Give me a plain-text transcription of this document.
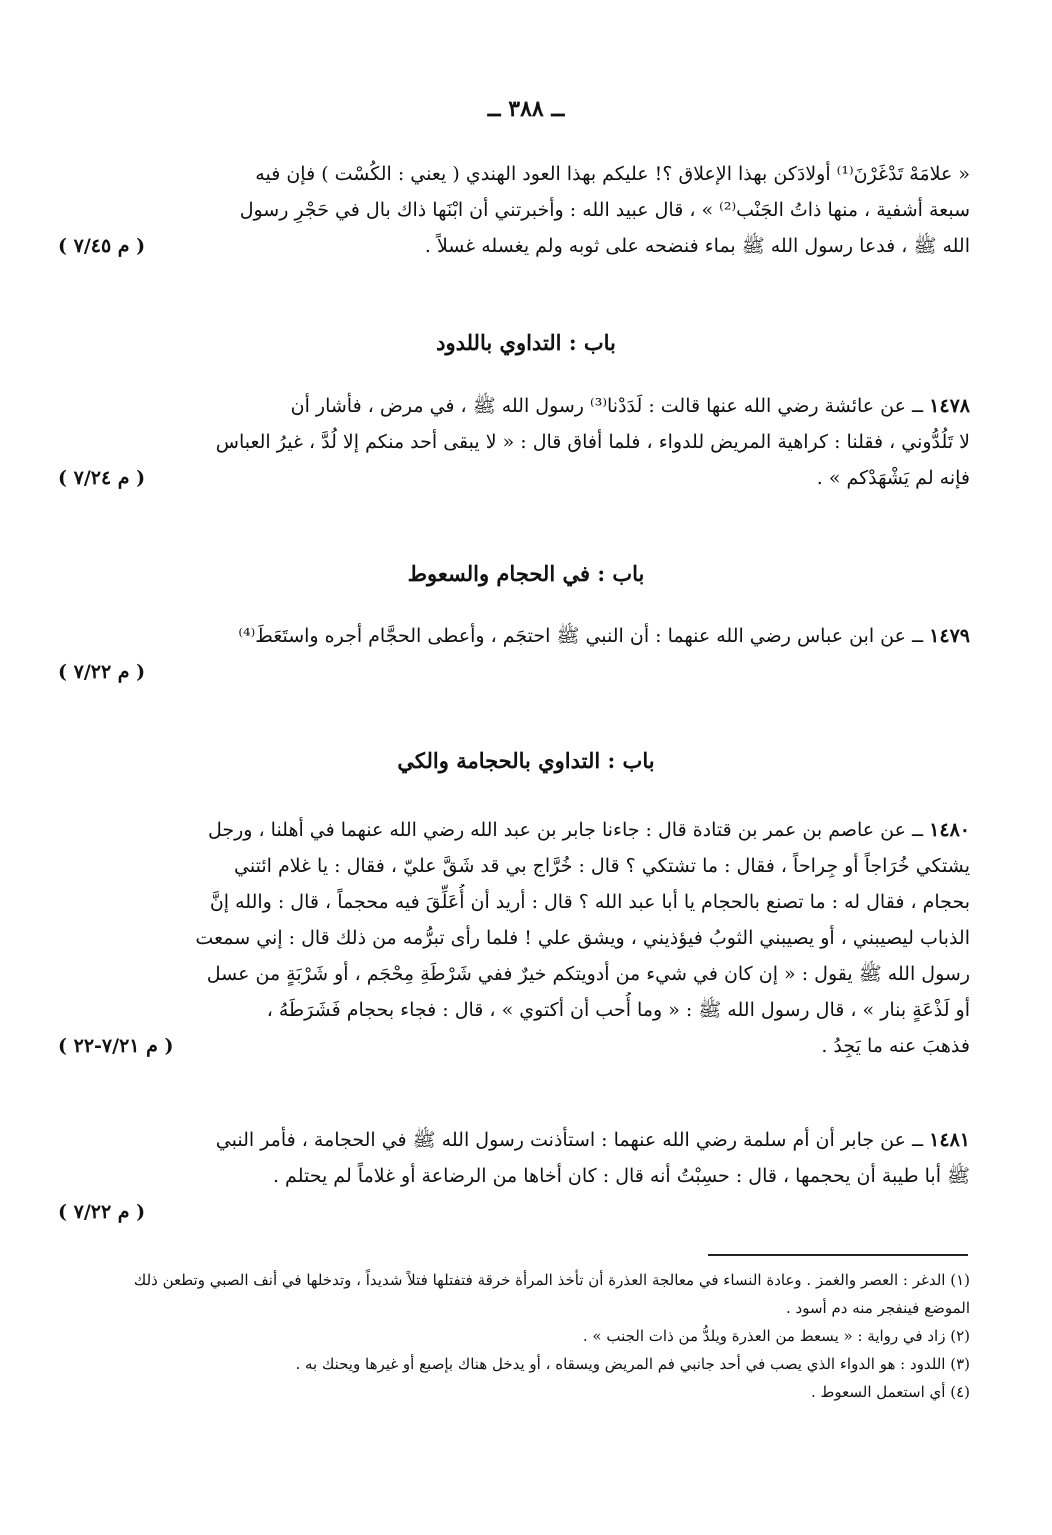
ــ ٣٨٨ ــ
« علامَهْ تَدْغَرْنَ⁽¹⁾ أولادَكن بهذا الإعلاق ؟! عليكم بهذا العود الهندي ( يعني : الكُسْت ) فإن فيه
سبعة أشفية ، منها ذاتُ الجَنْب⁽²⁾ » ، قال عبيد الله : وأخبرتني أن ابْنَها ذاك بال في حَجْرِ رسول
الله ﷺ ، فدعا رسول الله ﷺ بماء فنضحه على ثوبه ولم يغسله غسلاً .
( م ٧/٤٥ )
باب : التداوي باللدود
١٤٧٨ ــ عن عائشة رضي الله عنها قالت : لَدَدْنا⁽³⁾ رسول الله ﷺ ، في مرض ، فأشار أن
لا تَلُدُّوني ، فقلنا : كراهية المريض للدواء ، فلما أفاق قال : « لا يبقى أحد منكم إلا لُدَّ ، غيرُ العباس
فإنه لم يَشْهَدْكم » .
( م ٧/٢٤ )
باب : في الحجام والسعوط
١٤٧٩ ــ عن ابن عباس رضي الله عنهما : أن النبي ﷺ احتجَم ، وأعطى الحجَّام أجره واستَعَطَ⁽⁴⁾
( م ٧/٢٢ )
باب : التداوي بالحجامة والكي
١٤٨٠ ــ عن عاصم بن عمر بن قتادة قال : جاءنا جابر بن عبد الله رضي الله عنهما في أهلنا ، ورجل
يشتكي خُرَاجاً أو جِراحاً ، فقال : ما تشتكي ؟ قال : خُرَّاج بي قد شَقَّ عليّ ، فقال : يا غلام ائتني
بحجام ، فقال له : ما تصنع بالحجام يا أبا عبد الله ؟ قال : أريد أن أُعَلِّقَ فيه محجماً ، قال : والله إنَّ
الذباب ليصيبني ، أو يصيبني الثوبُ فيؤذيني ، ويشق علي ! فلما رأى تبرُّمه من ذلك قال : إني سمعت
رسول الله ﷺ يقول : « إن كان في شيء من أدويتكم خيرٌ ففي شَرْطَةِ مِحْجَم ، أو شَرْبَةٍ من عسل
أو لَذْعَةٍ بنار » ، قال رسول الله ﷺ : « وما أُحب أن أكتوي » ، قال : فجاء بحجام فَشَرَطَهُ ،
فذهبَ عنه ما يَجِدُ .
( م ٧/٢١-٢٢ )
١٤٨١ ــ عن جابر أن أم سلمة رضي الله عنهما : استأذنت رسول الله ﷺ في الحجامة ، فأمر النبي
ﷺ أبا طيبة أن يحجمها ، قال : حسِبْتُ أنه قال : كان أخاها من الرضاعة أو غلاماً لم يحتلم .
( م ٧/٢٢ )
(١) الدغر : العصر والغمز . وعادة النساء في معالجة العذرة أن تأخذ المرأة خرقة فتفتلها فتلاً شديداً ، وتدخلها في أنف الصبي وتطعن ذلك
الموضع فينفجر منه دم أسود .
(٢) زاد في رواية : « يسعط من العذرة ويلدُّ من ذات الجنب » .
(٣) اللدود : هو الدواء الذي يصب في أحد جانبي فم المريض ويسقاه ، أو يدخل هناك بإصبع أو غيرها ويحنك به .
(٤) أي استعمل السعوط .
